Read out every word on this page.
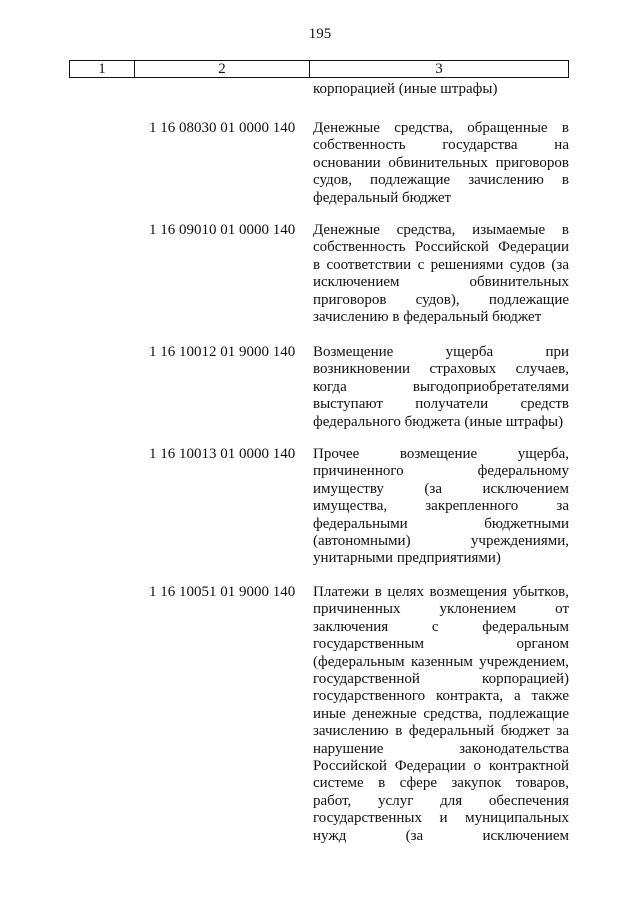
195
1	2	3
корпорацией (иные штрафы)
1 16 08030 01 0000 140 Денежные средства, обращенные в
собственность государства на
основании обвинительных приговоров
судов, подлежащие зачислению в
федеральный бюджет
1 16 09010 01 0000 140 Денежные средства, изымаемые в
собственность Российской Федерации
в соответствии с решениями судов (за
исключением обвинительных
приговоров судов), подлежащие
зачислению в федеральный бюджет
1 16 10012 01 9000 140 Возмещение ущерба при
возникновении страховых случаев,
когда выгодоприобретателями
выступают получатели средств
федерального бюджета (иные штрафы)
1 16 10013 01 0000 140 Прочее возмещение ущерба,
причиненного федеральному
имуществу (за исключением
имущества, закрепленного за
федеральными бюджетными
(автономными) учреждениями,
унитарными предприятиями)
1 16 10051 01 9000 140 Платежи в целях возмещения убытков,
причиненных уклонением от
заключения с федеральным
государственным органом
(федеральным казенным учреждением,
государственной корпорацией)
государственного контракта, а также
иные денежные средства, подлежащие
зачислению в федеральный бюджет за
нарушение законодательства
Российской Федерации о контрактной
системе в сфере закупок товаров,
работ, услуг для обеспечения
государственных и муниципальных
нужд (за исключением
